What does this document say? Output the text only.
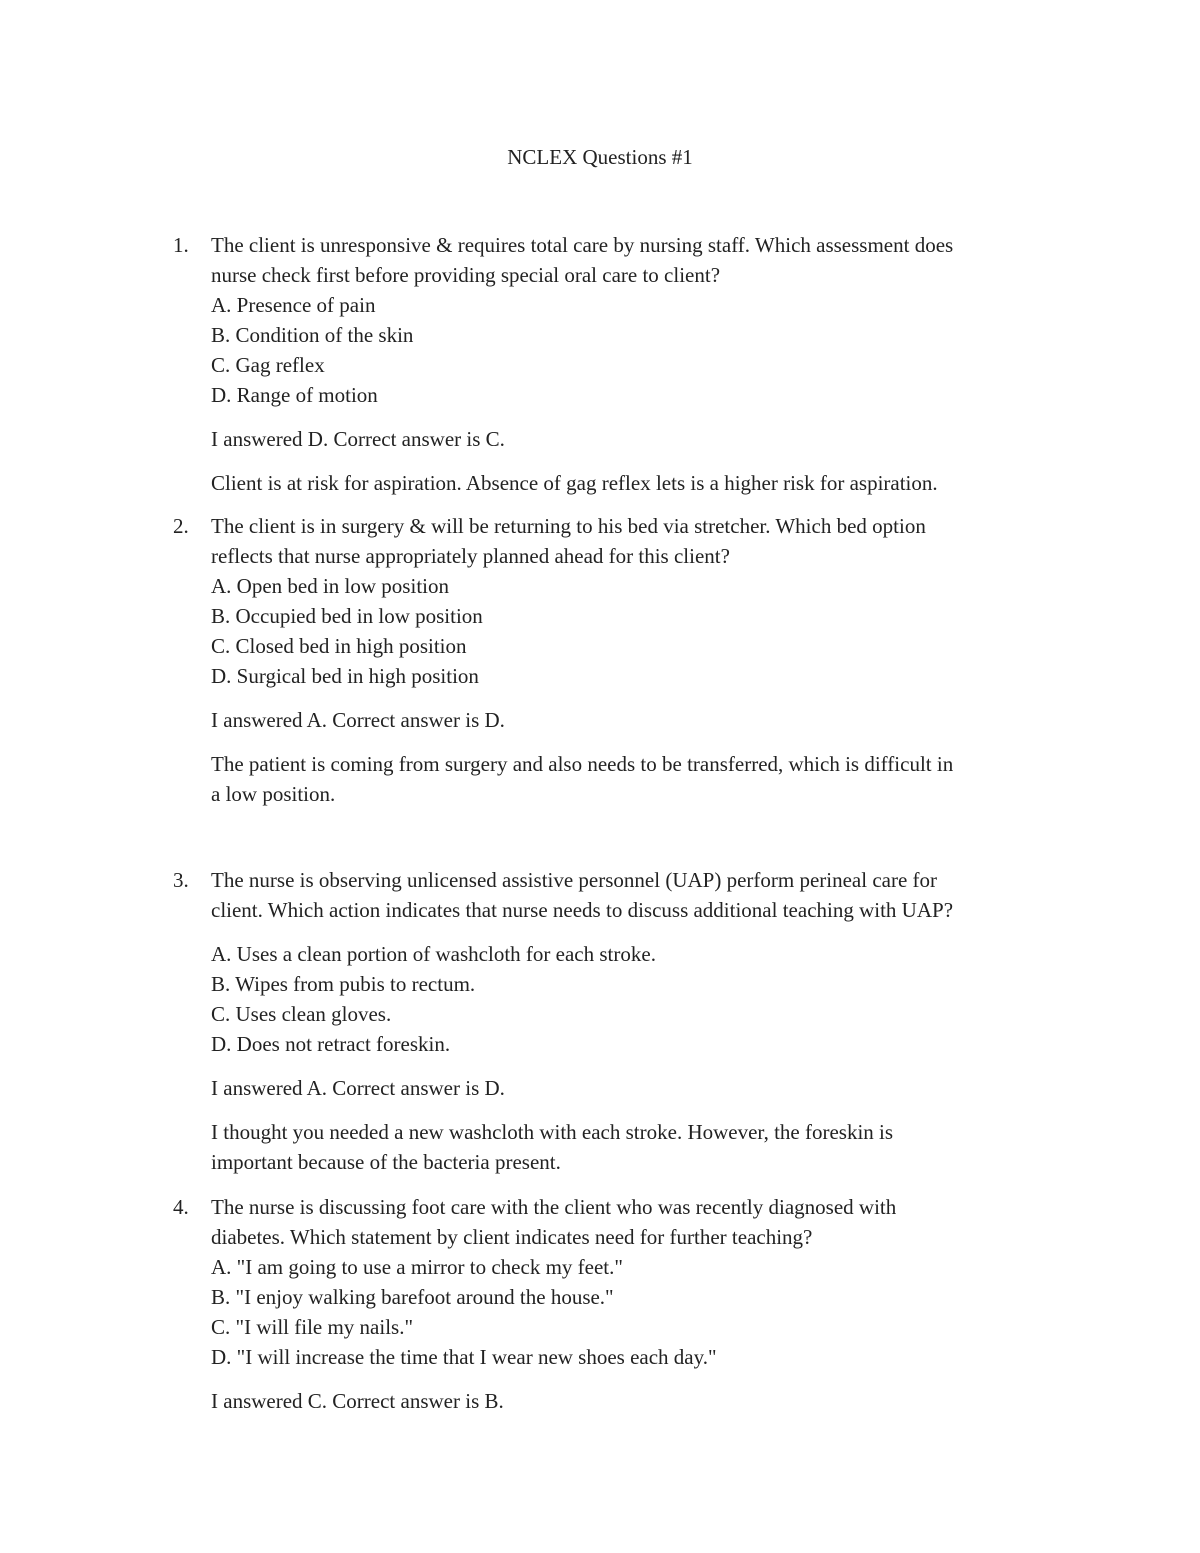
NCLEX Questions #1
1.	The client is unresponsive & requires total care by nursing staff. Which assessment does
nurse check first before providing special oral care to client?
A. Presence of pain
B. Condition of the skin
C. Gag reflex
D. Range of motion
I answered D. Correct answer is C.
Client is at risk for aspiration. Absence of gag reflex lets is a higher risk for aspiration.
2.	The client is in surgery & will be returning to his bed via stretcher. Which bed option
reflects that nurse appropriately planned ahead for this client?
A. Open bed in low position
B. Occupied bed in low position
C. Closed bed in high position
D. Surgical bed in high position
I answered A. Correct answer is D.
The patient is coming from surgery and also needs to be transferred, which is difficult in
a low position.
3.	The nurse is observing unlicensed assistive personnel (UAP) perform perineal care for
client. Which action indicates that nurse needs to discuss additional teaching with UAP?
A. Uses a clean portion of washcloth for each stroke.
B. Wipes from pubis to rectum.
C. Uses clean gloves.
D. Does not retract foreskin.
I answered A. Correct answer is D.
I thought you needed a new washcloth with each stroke. However, the foreskin is
important because of the bacteria present.
4.	The nurse is discussing foot care with the client who was recently diagnosed with
diabetes. Which statement by client indicates need for further teaching?
A. "I am going to use a mirror to check my feet."
B. "I enjoy walking barefoot around the house."
C. "I will file my nails."
D. "I will increase the time that I wear new shoes each day."
I answered C. Correct answer is B.
